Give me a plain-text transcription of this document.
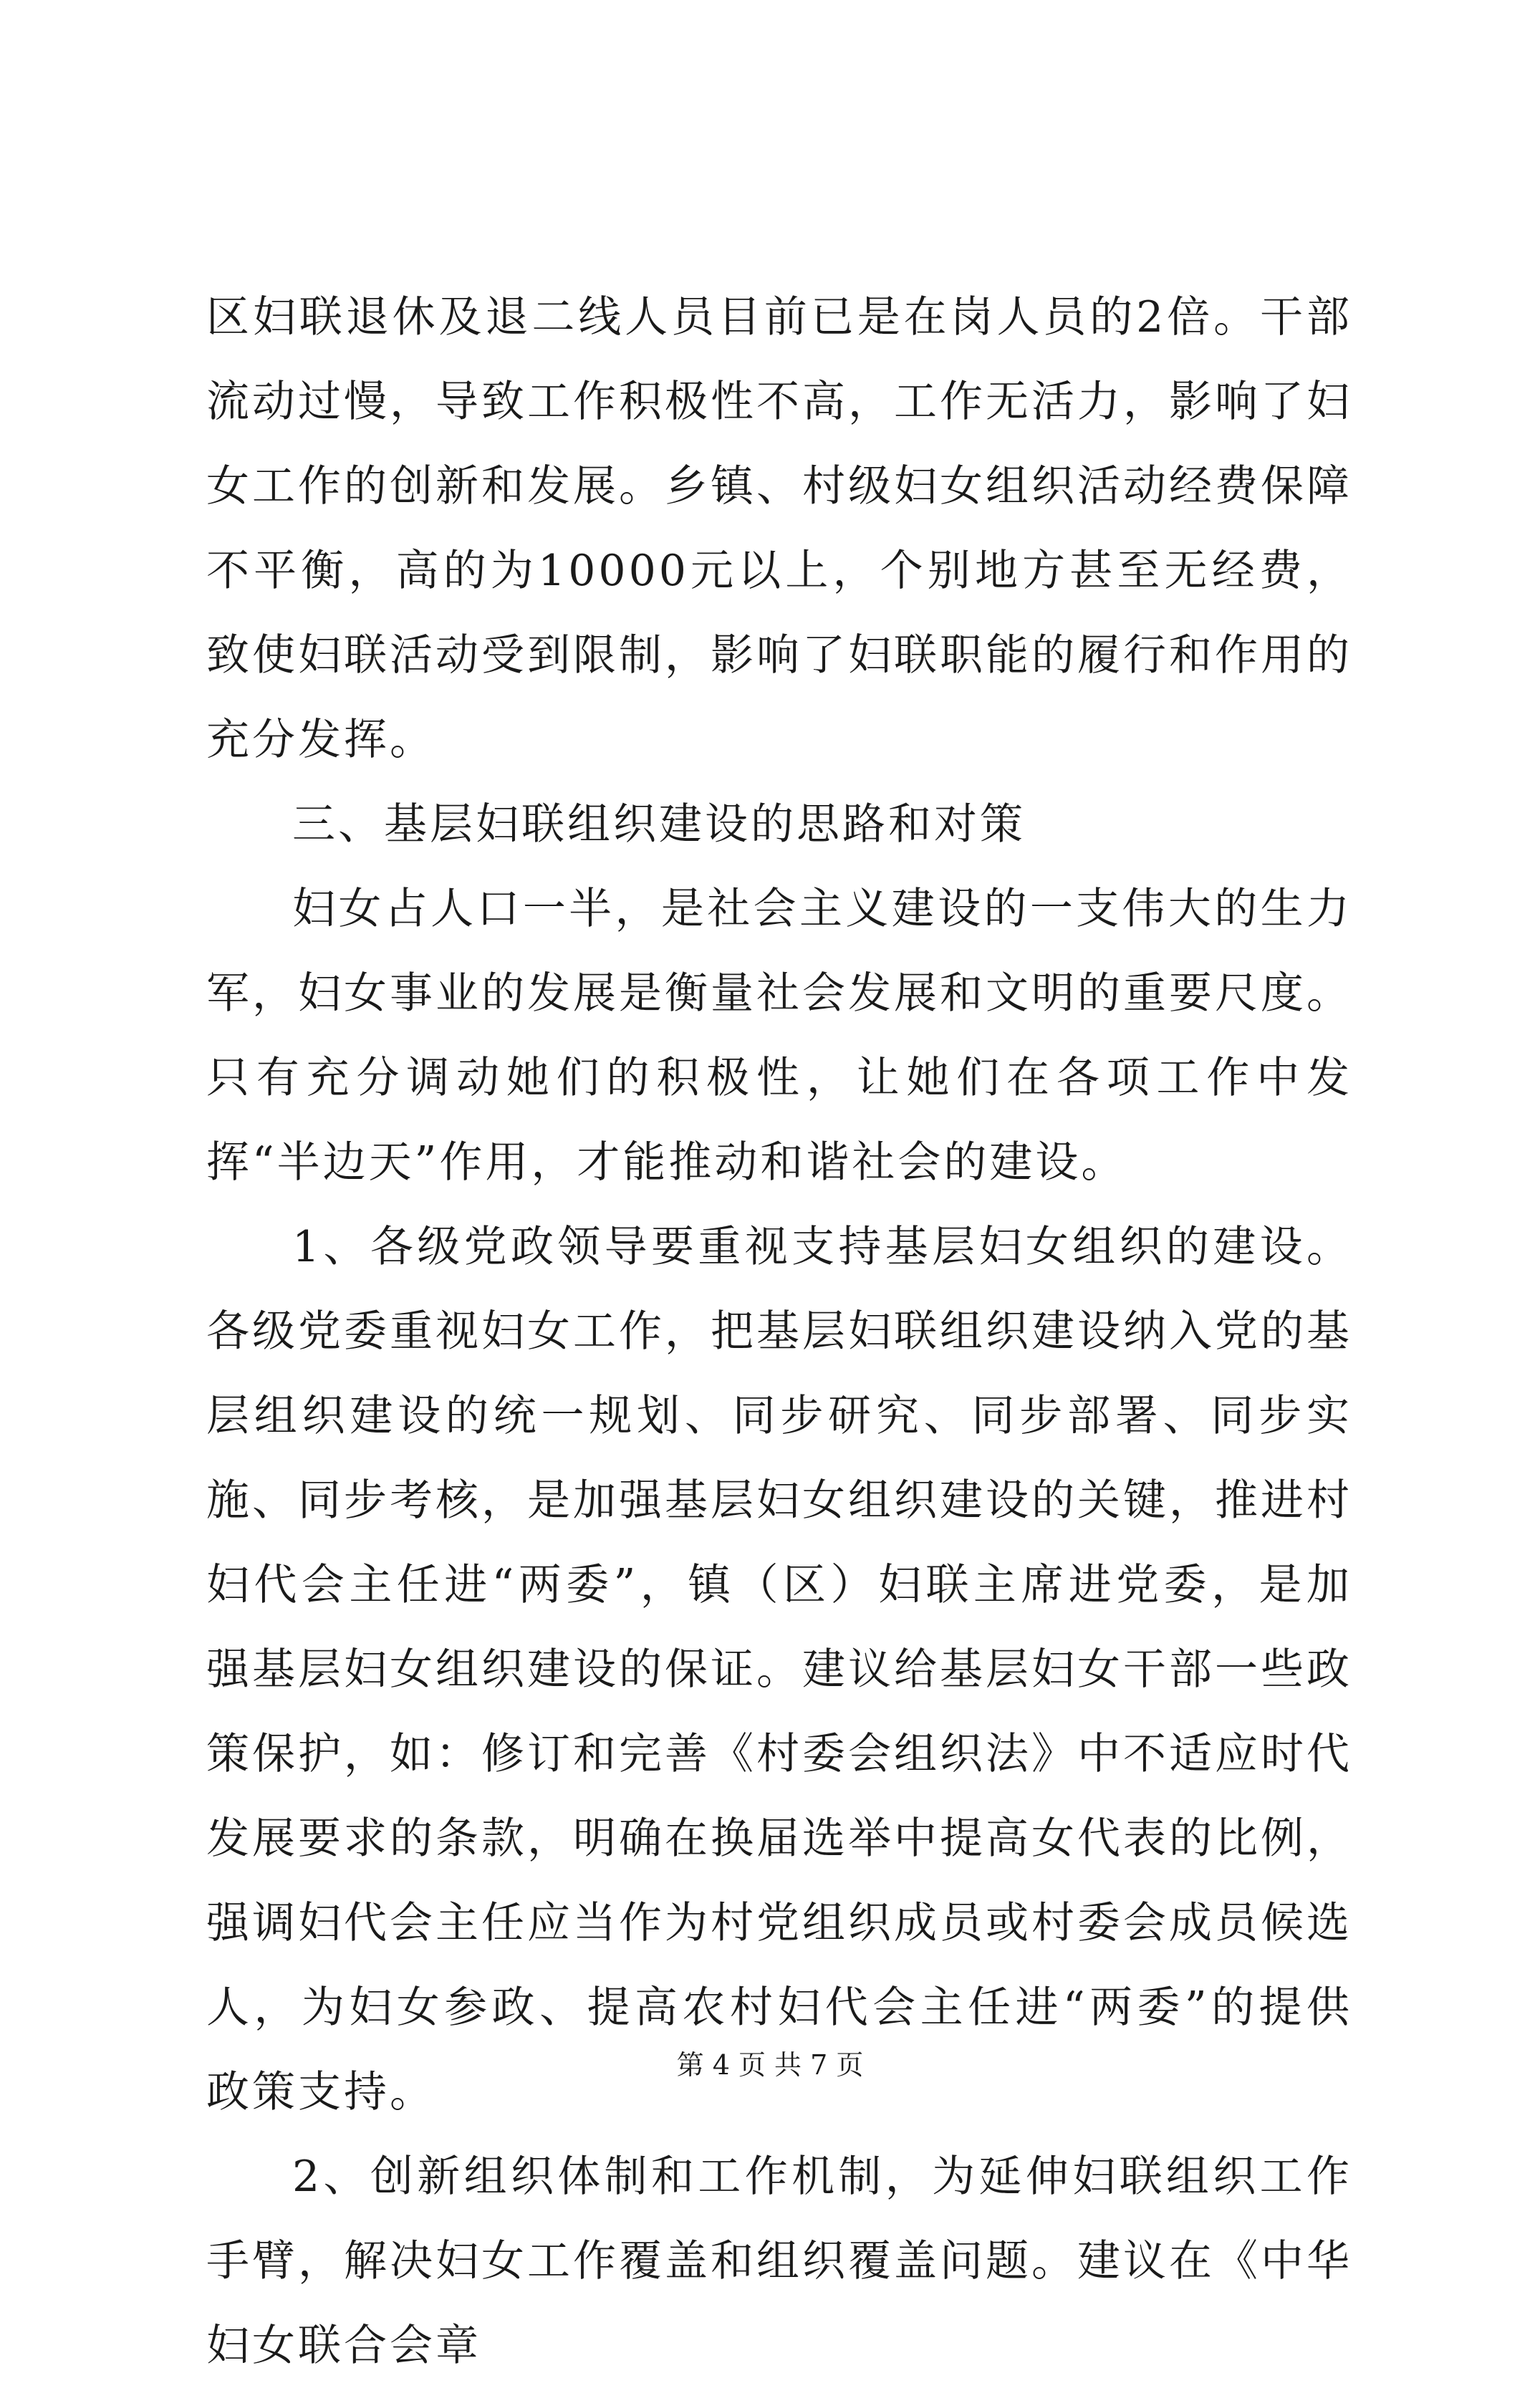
区妇联退休及退二线人员目前已是在岗人员的2倍。干部流动过慢，导致工作积极性不高，工作无活力，影响了妇女工作的创新和发展。乡镇、村级妇女组织活动经费保障不平衡，高的为10000元以上，个别地方甚至无经费，致使妇联活动受到限制，影响了妇联职能的履行和作用的充分发挥。

三、基层妇联组织建设的思路和对策

妇女占人口一半，是社会主义建设的一支伟大的生力军，妇女事业的发展是衡量社会发展和文明的重要尺度。只有充分调动她们的积极性，让她们在各项工作中发挥“半边天”作用，才能推动和谐社会的建设。

1、各级党政领导要重视支持基层妇女组织的建设。各级党委重视妇女工作，把基层妇联组织建设纳入党的基层组织建设的统一规划、同步研究、同步部署、同步实施、同步考核，是加强基层妇女组织建设的关键，推进村妇代会主任进“两委”，镇（区）妇联主席进党委，是加强基层妇女组织建设的保证。建议给基层妇女干部一些政策保护，如：修订和完善《村委会组织法》中不适应时代发展要求的条款，明确在换届选举中提高女代表的比例，强调妇代会主任应当作为村党组织成员或村委会成员候选人，为妇女参政、提高农村妇代会主任进“两委”的提供政策支持。

2、创新组织体制和工作机制，为延伸妇联组织工作手臂，解决妇女工作覆盖和组织覆盖问题。建议在《中华妇女联合会章

第 4 页 共 7 页
